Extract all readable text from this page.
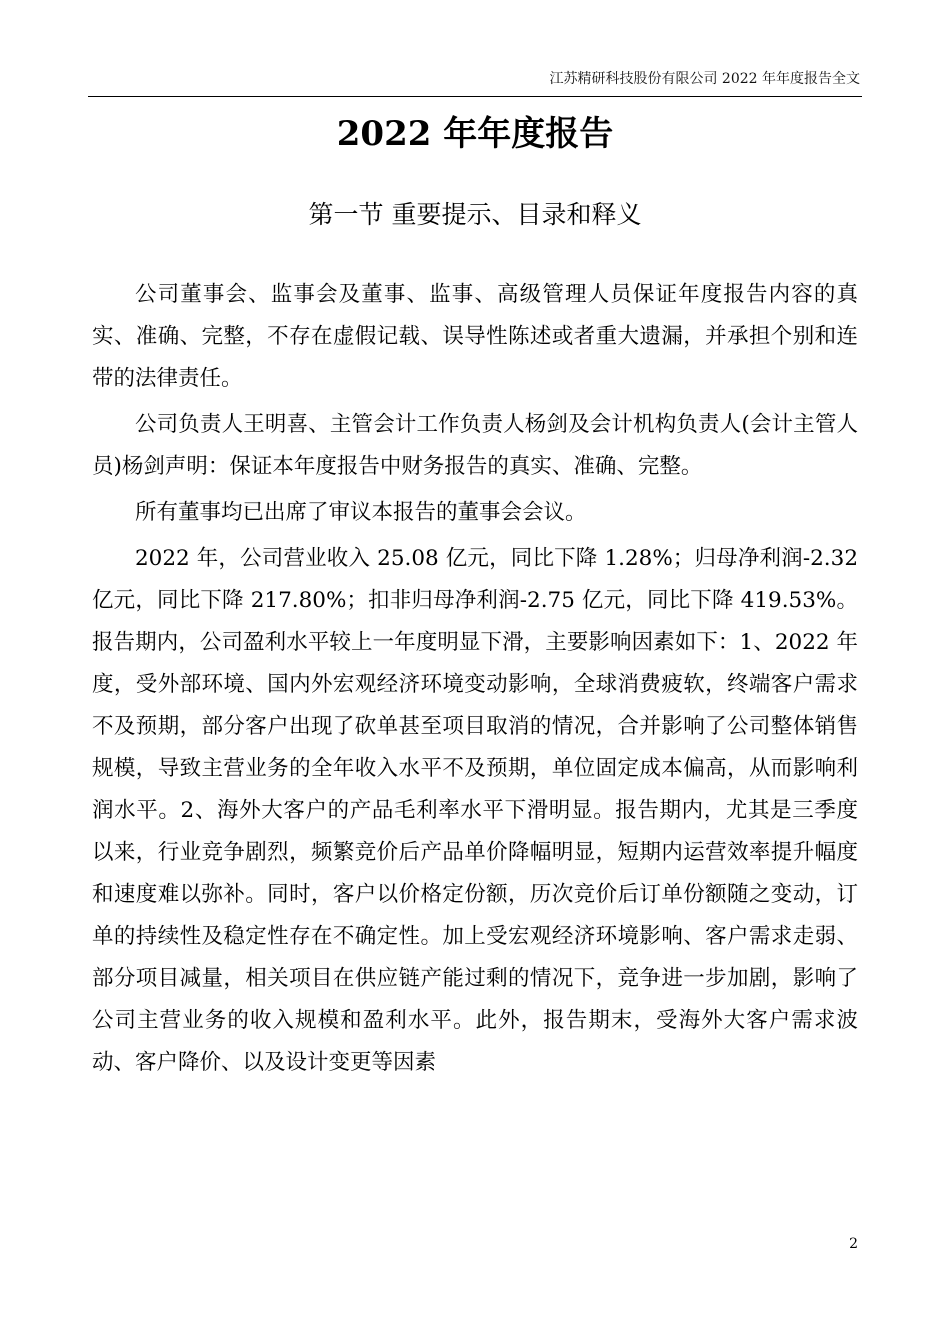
江苏精研科技股份有限公司 2022 年年度报告全文
2022 年年度报告
第一节 重要提示、目录和释义

公司董事会、监事会及董事、监事、高级管理人员保证年度报告内容的真实、准确、完整，不存在虚假记载、误导性陈述或者重大遗漏，并承担个别和连带的法律责任。

公司负责人王明喜、主管会计工作负责人杨剑及会计机构负责人(会计主管人员)杨剑声明：保证本年度报告中财务报告的真实、准确、完整。

所有董事均已出席了审议本报告的董事会会议。

2022 年，公司营业收入 25.08 亿元，同比下降 1.28%；归母净利润-2.32 亿元，同比下降 217.80%；扣非归母净利润-2.75 亿元，同比下降 419.53%。报告期内，公司盈利水平较上一年度明显下滑，主要影响因素如下：1、2022 年度，受外部环境、国内外宏观经济环境变动影响，全球消费疲软，终端客户需求不及预期，部分客户出现了砍单甚至项目取消的情况，合并影响了公司整体销售规模，导致主营业务的全年收入水平不及预期，单位固定成本偏高，从而影响利润水平。2、海外大客户的产品毛利率水平下滑明显。报告期内，尤其是三季度以来，行业竞争剧烈，频繁竞价后产品单价降幅明显，短期内运营效率提升幅度和速度难以弥补。同时，客户以价格定份额，历次竞价后订单份额随之变动，订单的持续性及稳定性存在不确定性。加上受宏观经济环境影响、客户需求走弱、部分项目减量，相关项目在供应链产能过剩的情况下，竞争进一步加剧，影响了公司主营业务的收入规模和盈利水平。此外，报告期末，受海外大客户需求波动、客户降价、以及设计变更等因素

2
